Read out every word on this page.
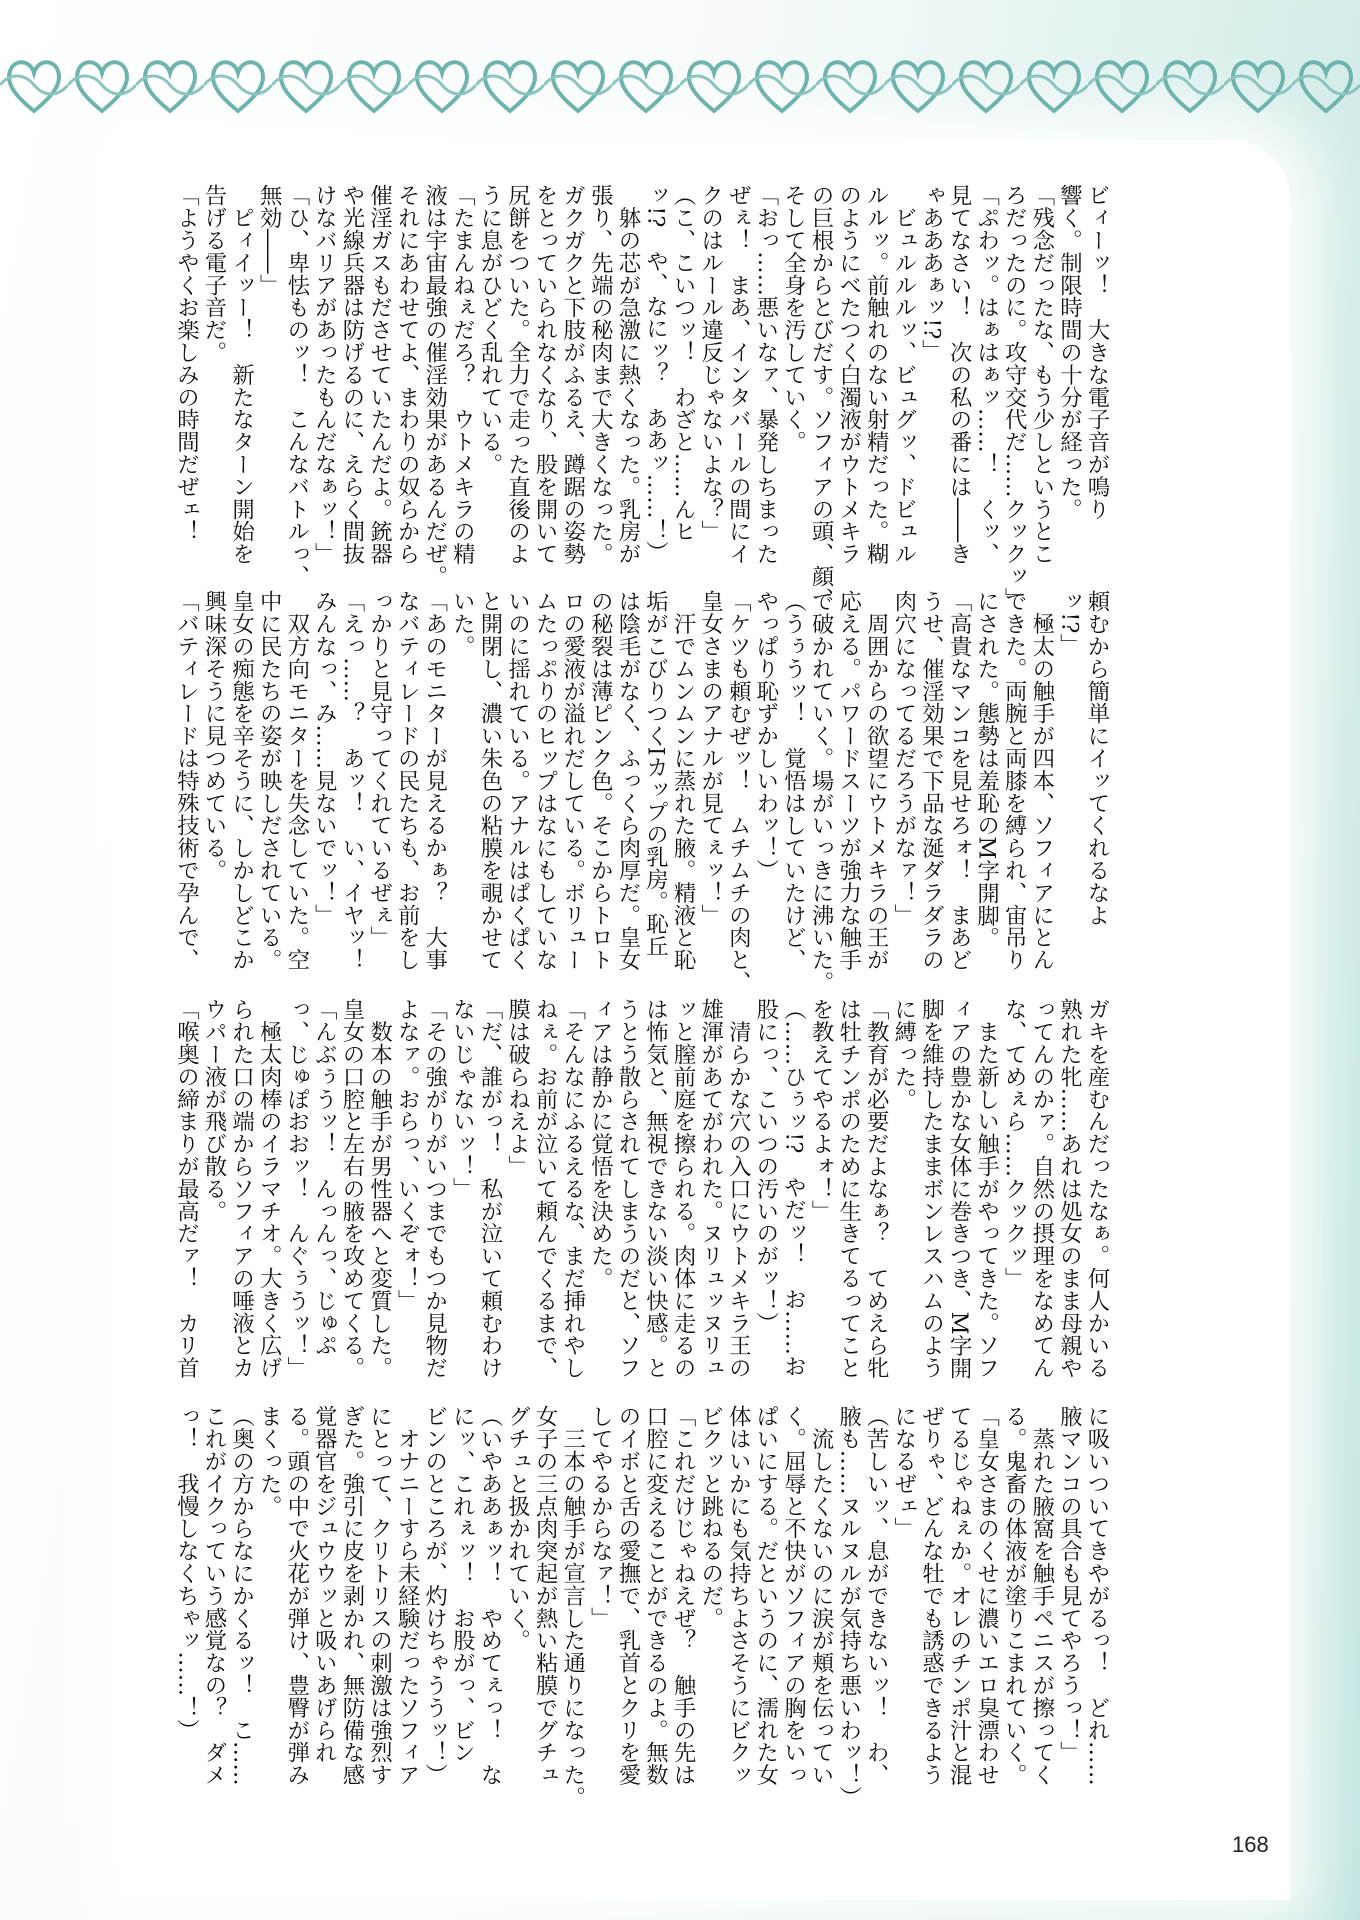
ビィーッ！　大きな電子音が鳴り
響く。制限時間の十分が経った。
「残念だったな、もう少しというとこ
ろだったのに。攻守交代だ……クックッ」
「ぷわッ。はぁはぁッ……！　くッ、
見てなさい！　次の私の番には――き
ゃあああぁッ!?」
　ビュルルルッ、ビュグッ、ドビュル
ルルッ。前触れのない射精だった。糊
のようにべたつく白濁液がウトメキラ
の巨根からとびだす。ソフィアの頭、顔、
そして全身を汚していく。
「おっ……悪いなァ、暴発しちまった
ぜぇ！　まあ、インタバールの間にイ
クのはルール違反じゃないよな？」
（こ、こいつッ！　わざと……んヒ
ッ!?　や、なにッ？　ああッ……！）
　躰の芯が急激に熱くなった。乳房が
張り、先端の秘肉まで大きくなった。
ガクガクと下肢がふるえ、蹲踞の姿勢
をとっていられなくなり、股を開いて
尻餅をついた。全力で走った直後のよ
うに息がひどく乱れている。
「たまんねぇだろ？　ウトメキラの精
液は宇宙最強の催淫効果があるんだぜ。
それにあわせてよ、まわりの奴らから
催淫ガスもださせていたんだよ。銃器
や光線兵器は防げるのに、えらく間抜
けなバリアがあったもんだなぁッ！」
「ひ、卑怯ものッ！　こんなバトルっ、
無効――」
　ピィイッー！　新たなターン開始を
告げる電子音だ。
「ようやくお楽しみの時間だぜェ！
頼むから簡単にイッてくれるなよ
ッ!?」
　極太の触手が四本、ソフィアにとん
できた。両腕と両膝を縛られ、宙吊り
にされた。態勢は羞恥のM字開脚。
「高貴なマンコを見せろォ！　まあど
うせ、催淫効果で下品な涎ダラダラの
肉穴になってるだろうがなァ！」
　周囲からの欲望にウトメキラの王が
応える。パワードスーツが強力な触手
で破かれていく。場がいっきに沸いた。
（うぅうッ！　覚悟はしていたけど、
やっぱり恥ずかしいわッ！）
「ケツも頼むぜッ！　ムチムチの肉と、
皇女さまのアナルが見てぇッ！」
　汗でムンムンに蒸れた腋。精液と恥
垢がこびりつくIカップの乳房。恥丘
は陰毛がなく、ふっくら肉厚だ。皇女
の秘裂は薄ピンク色。そこからトロト
ロの愛液が溢れだしている。ボリュー
ムたっぷりのヒップはなにもしていな
いのに揺れている。アナルはぱくぱく
と開閉し、濃い朱色の粘膜を覗かせて
いた。
「あのモニターが見えるかぁ？　大事
なバティレードの民たちも、お前をし
っかりと見守ってくれているぜぇ」
「えっ……？　あッ！　い、イヤッ！
みんなっ、み……見ないでッ！」
　双方向モニターを失念していた。空
中に民たちの姿が映しだされている。
皇女の痴態を辛そうに、しかしどこか
興味深そうに見つめている。
「バティレードは特殊技術で孕んで、
ガキを産むんだったなぁ。何人かいる
熟れた牝……あれは処女のまま母親や
ってんのかァ。自然の摂理をなめてん
な、てめぇら……クックッ」
　また新しい触手がやってきた。ソフ
ィアの豊かな女体に巻きつき、M字開
脚を維持したままボンレスハムのよう
に縛った。
「教育が必要だよなぁ？　てめえら牝
は牡チンポのために生きてるってこと
を教えてやるよォ！」
（……ひぅッ!?　やだッ！　お……お
股にっ、こいつの汚いのがッ！）
　清らかな穴の入口にウトメキラ王の
雄渾があてがわれた。ヌリュッヌリュ
ッと膣前庭を擦られる。肉体に走るの
は怖気と、無視できない淡い快感。と
うとう散らされてしまうのだと、ソフ
ィアは静かに覚悟を決めた。
「そんなにふるえるな、まだ挿れやし
ねぇ。お前が泣いて頼んでくるまで、
膜は破らねえよ」
「だ、誰がっ！　私が泣いて頼むわけ
ないじゃないッ！」
「その強がりがいつまでもつか見物だ
よなァ。おらっ、いくぞォ！」
　数本の触手が男性器へと変質した。
皇女の口腔と左右の腋を攻めてくる。
「んぶぅうッ！　んっんっ、じゅぷ
っ、じゅぽおおッ！　んぐぅうッ！」
　極太肉棒のイラマチオ。大きく広げ
られた口の端からソフィアの唾液とカ
ウパー液が飛び散る。
「喉奥の締まりが最高だァ！　カリ首
に吸いついてきやがるっ！　どれ……
腋マンコの具合も見てやろうっ！」
　蒸れた腋窩を触手ペニスが擦ってく
る。鬼畜の体液が塗りこまれていく。
「皇女さまのくせに濃いエロ臭漂わせ
てるじゃねぇか。オレのチンポ汁と混
ぜりゃ、どんな牡でも誘惑できるよう
になるぜェ」
（苦しいッ、息ができないッ！　わ、
腋も……ヌルヌルが気持ち悪いわッ！）
　流したくないのに涙が頬を伝ってい
く。屈辱と不快がソフィアの胸をいっ
ぱいにする。だというのに、濡れた女
体はいかにも気持ちよさそうにビクッ
ビクッと跳ねるのだ。
「これだけじゃねえぜ？　触手の先は
口腔に変えることができるのよ。無数
のイボと舌の愛撫で、乳首とクリを愛
してやるからなァ！」
　三本の触手が宣言した通りになった。
女子の三点肉突起が熱い粘膜でグチュ
グチュと扱かれていく。
（いやああぁッ！　やめてぇっ！　な
にッ、これぇッ！　お股がっ、ビン
ビンのところが、灼けちゃううッ！）
　オナニーすら未経験だったソフィア
にとって、クリトリスの刺激は強烈す
ぎた。強引に皮を剥かれ、無防備な感
覚器官をジュウウッと吸いあげられ
る。頭の中で火花が弾け、豊臀が弾み
まくった。
（奥の方からなにかくるッ！　こ……
これがイクっていう感覚なの？　ダメ
っ！　我慢しなくちゃッ……！）
168
